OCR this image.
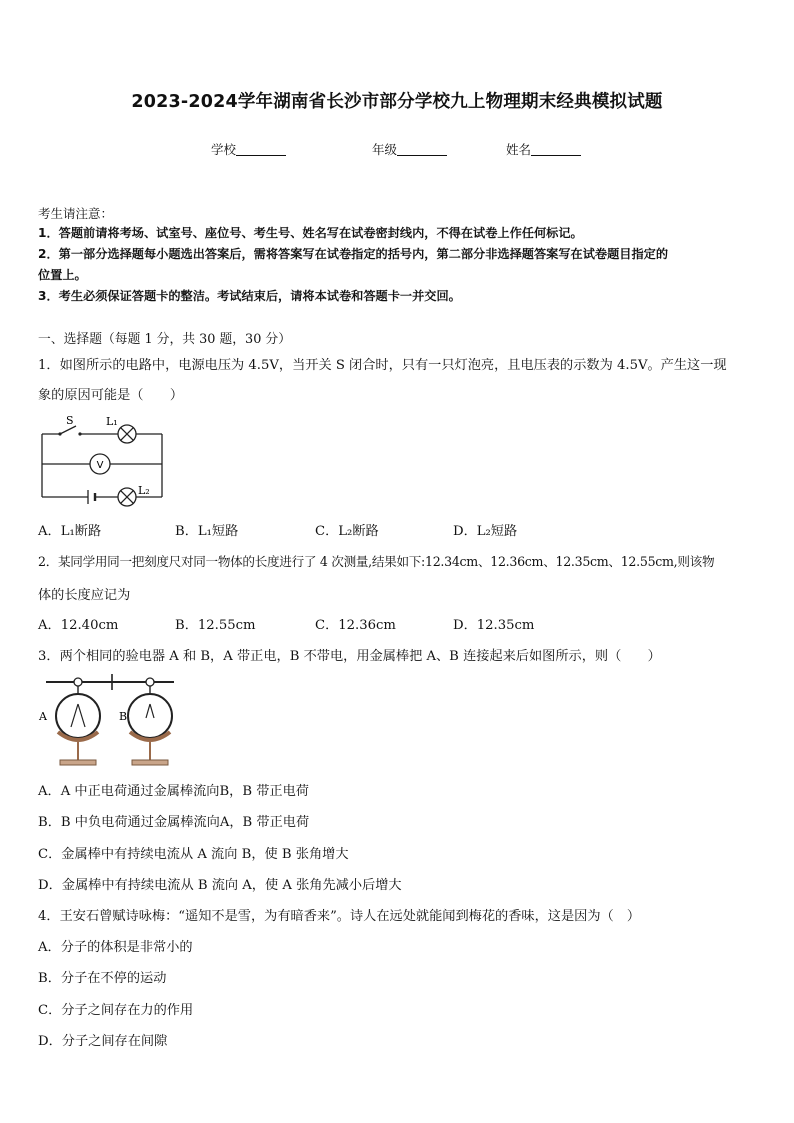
2023-2024学年湖南省长沙市部分学校九上物理期末经典模拟试题
学校	年级	姓名
考生请注意：
1．答题前请将考场、试室号、座位号、考生号、姓名写在试卷密封线内，不得在试卷上作任何标记。
2．第一部分选择题每小题选出答案后，需将答案写在试卷指定的括号内，第二部分非选择题答案写在试卷题目指定的
位置上。
3．考生必须保证答题卡的整洁。考试结束后，请将本试卷和答题卡一并交回。
一、选择题（每题 1 分，共 30 题，30 分）
1．如图所示的电路中，电源电压为 4.5V，当开关 S 闭合时，只有一只灯泡亮，且电压表的示数为 4.5V。产生这一现
象的原因可能是（　　）
S	L₁
V
L₂
A．L₁断路	B．L₁短路	C．L₂断路	D．L₂短路
2．某同学用同一把刻度尺对同一物体的长度进行了 4 次测量,结果如下:12.34cm、12.36cm、12.35cm、12.55cm,则该物
体的长度应记为
A．12.40cm	B．12.55cm	C．12.36cm	D．12.35cm
3．两个相同的验电器 A 和 B，A 带正电，B 不带电，用金属棒把 A、B 连接起来后如图所示，则（　　）
A	B
A．A 中正电荷通过金属棒流向B，B 带正电荷
B．B 中负电荷通过金属棒流向A，B 带正电荷
C．金属棒中有持续电流从 A 流向 B，使 B 张角增大
D．金属棒中有持续电流从 B 流向 A，使 A 张角先减小后增大
4．王安石曾赋诗咏梅：“遥知不是雪，为有暗香来”。诗人在远处就能闻到梅花的香味，这是因为（　）
A．分子的体积是非常小的
B．分子在不停的运动
C．分子之间存在力的作用
D．分子之间存在间隙
